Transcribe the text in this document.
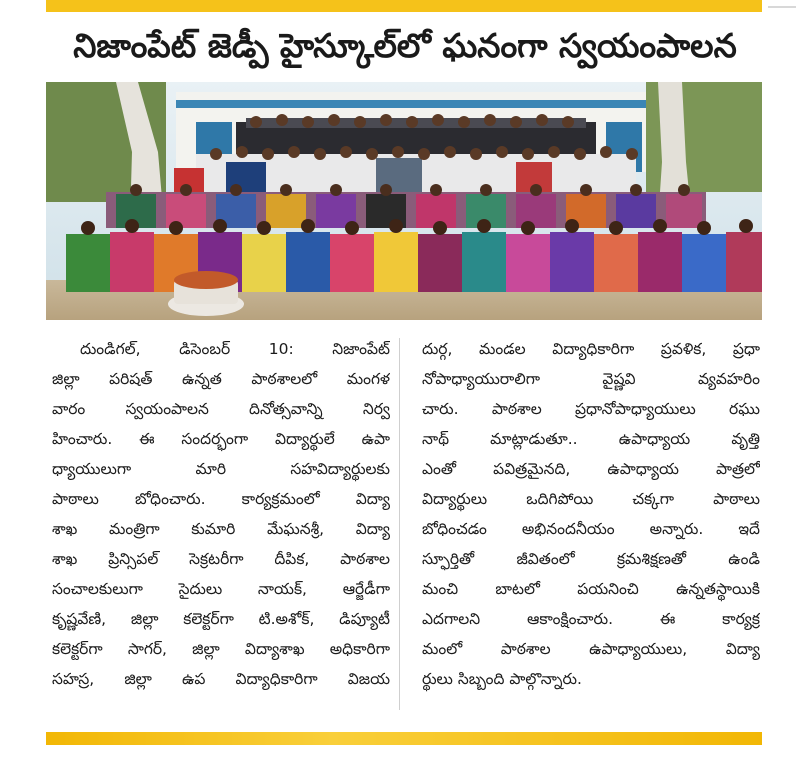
నిజాంపేట్ జెడ్పీ హైస్కూల్‌లో ఘనంగా స్వయంపాలన
దుండిగల్, డిసెంబర్ 10: నిజాంపేట్
జిల్లా పరిషత్ ఉన్నత పాఠశాలలో మంగళ
వారం స్వయంపాలన దినోత్సవాన్ని నిర్వ
హించారు. ఈ సందర్భంగా విద్యార్థులే ఉపా
ధ్యాయులుగా మారి సహవిద్యార్థులకు
పాఠాలు బోధించారు. కార్యక్రమంలో విద్యా
శాఖ మంత్రిగా కుమారి మేఘనశ్రీ, విద్యా
శాఖ ప్రిన్సిపల్ సెక్రటరీగా దీపిక, పాఠశాల
సంచాలకులుగా సైదులు నాయక్, ఆర్జేడీగా
కృష్ణవేణి, జిల్లా కలెక్టర్‌గా టి.అశోక్, డిప్యూటీ
కలెక్టర్‌గా సాగర్, జిల్లా విద్యాశాఖ అధికారిగా
సహస్ర, జిల్లా ఉప విద్యాధికారిగా విజయ
దుర్గ, మండల విద్యాధికారిగా ప్రవళిక, ప్రధా
నోపాధ్యాయురాలిగా వైష్ణవి వ్యవహరిం
చారు. పాఠశాల ప్రధానోపాధ్యాయులు రఘు
నాథ్ మాట్లాడుతూ.. ఉపాధ్యాయ వృత్తి
ఎంతో పవిత్రమైనది, ఉపాధ్యాయ పాత్రలో
విద్యార్థులు ఒదిగిపోయి చక్కగా పాఠాలు
బోధించడం అభినందనీయం అన్నారు. ఇదే
స్ఫూర్తితో జీవితంలో క్రమశిక్షణతో ఉండి
మంచి బాటలో పయనించి ఉన్నతస్థాయికి
ఎదగాలని ఆకాంక్షించారు. ఈ కార్యక్ర
మంలో పాఠశాల ఉపాధ్యాయులు, విద్యా
ర్థులు సిబ్బంది పాల్గొన్నారు.
